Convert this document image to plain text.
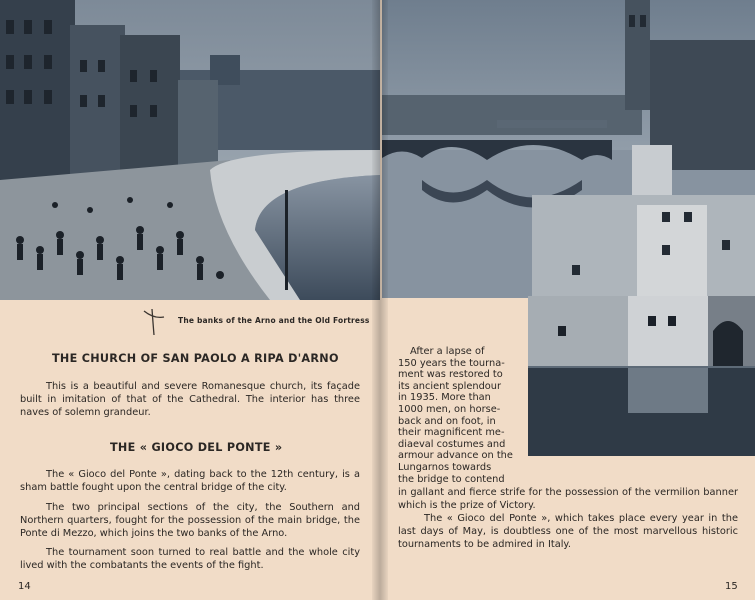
The banks of the Arno and the Old Fortress
THE CHURCH OF SAN PAOLO A RIPA D'ARNO

This is a beautiful and severe Romanesque church, its façade built in imitation of that of the Cathedral. The interior has three naves of solemn grandeur.

THE « GIOCO DEL PONTE »

The « Gioco del Ponte », dating back to the 12th century, is a sham battle fought upon the central bridge of the city.

The two principal sections of the city, the Southern and Northern quarters, fought for the possession of the main bridge, the Ponte di Mezzo, which joins the two banks of the Arno.

The tournament soon turned to real battle and the whole city lived with the combatants the events of the fight.

14
After a lapse of
150 years the tourna-
ment was restored to
its ancient splendour
in 1935. More than
1000 men, on horse-
back and on foot, in
their magnificent me-
diaeval costumes and
armour advance on the
Lungarnos towards
the bridge to contend

in gallant and fierce strife for the possession of the vermilion banner which is the prize of Victory.

The « Gioco del Ponte », which takes place every year in the last days of May, is doubtless one of the most marvellous historic tournaments to be admired in Italy.

15
